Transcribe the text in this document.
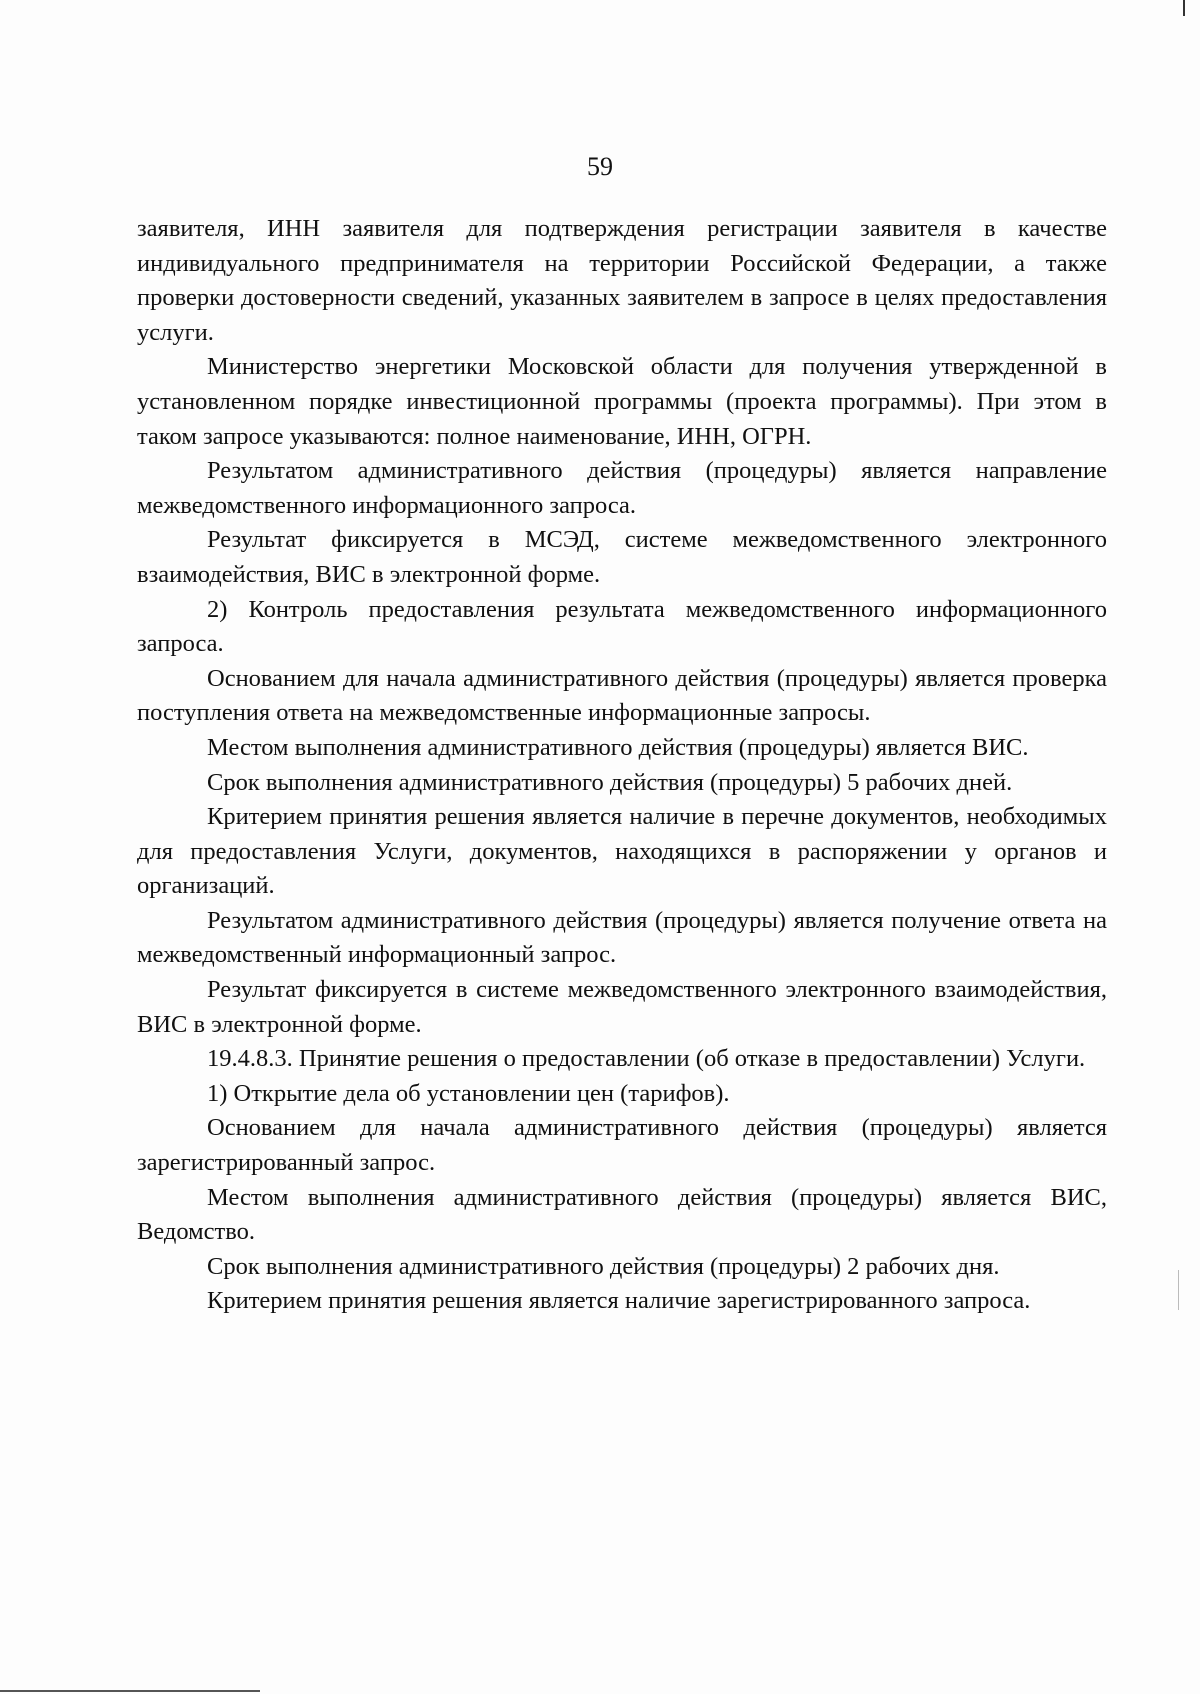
59

заявителя, ИНН заявителя для подтверждения регистрации заявителя в качестве индивидуального предпринимателя на территории Российской Федерации, а также проверки достоверности сведений, указанных заявителем в запросе в целях предоставления услуги.

Министерство энергетики Московской области для получения утвержденной в установленном порядке инвестиционной программы (проекта программы). При этом в таком запросе указываются: полное наименование, ИНН, ОГРН.

Результатом административного действия (процедуры) является направление межведомственного информационного запроса.

Результат фиксируется в МСЭД, системе межведомственного электронного взаимодействия, ВИС в электронной форме.

2) Контроль предоставления результата межведомственного информационного запроса.

Основанием для начала административного действия (процедуры) является проверка поступления ответа на межведомственные информационные запросы.

Местом выполнения административного действия (процедуры) является ВИС.

Срок выполнения административного действия (процедуры) 5 рабочих дней.

Критерием принятия решения является наличие в перечне документов, необходимых для предоставления Услуги, документов, находящихся в распоряжении у органов и организаций.

Результатом административного действия (процедуры) является получение ответа на межведомственный информационный запрос.

Результат фиксируется в системе межведомственного электронного взаимодействия, ВИС в электронной форме.

19.4.8.3. Принятие решения о предоставлении (об отказе в предоставлении) Услуги.

1) Открытие дела об установлении цен (тарифов).

Основанием для начала административного действия (процедуры) является зарегистрированный запрос.

Местом выполнения административного действия (процедуры) является ВИС, Ведомство.

Срок выполнения административного действия (процедуры) 2 рабочих дня.

Критерием принятия решения является наличие зарегистрированного запроса.
